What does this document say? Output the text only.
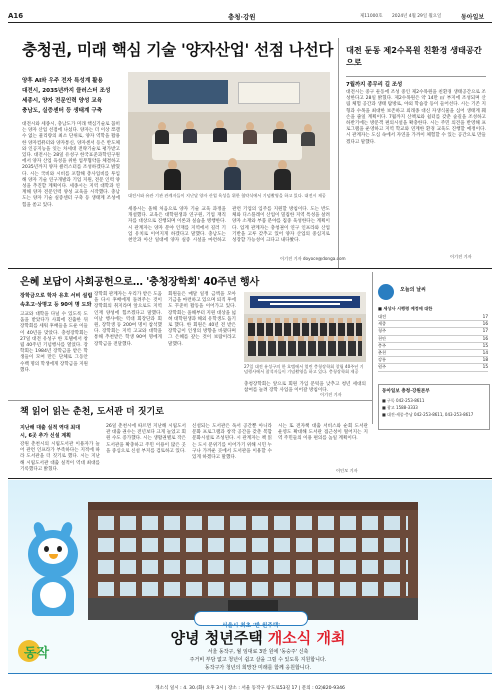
A16	충청·강원	제11000호 2024년 4월 29일 월요일	동아일보
충청권, 미래 핵심 기술 '양자산업' 선점 나선다
양후 AI와 우주 전자 특성계 활용
대전시, 2035년까지 클러스터 조성
세종시, 양자 전문인력 양성 교육
충남도, 실증센터 등 생태계 구축
대전시와 세종시, 충남도가 미래 핵심기술로 꼽히는 양자 산업 선점에 나섰다. 양자는 더 이상 쪼갤 수 없는 물리량의 최소 단위로, 양자 역학을 활용한 양자컴퓨터와 양자통신, 양자센서 등은 반도체와 인공지능을 잇는 차세대 전략기술로 평가받고 있다. 대전시는 28일 유성구 한국표준과학연구원에서 양자 산업 육성을 위한 업무협약을 체결하고 2035년까지 양자 클러스터를 조성하겠다고 밝혔다. 시는 국비와 시비를 포함해 총사업비를 투입해 양자 기술 연구개발과 기업 지원, 전문 인력 양성을 추진할 계획이다. 세종시는 지역 대학과 연계해 양자 전문인력 양성 교육을 시작했다. 충남도는 양자 기술 실증센터 구축 등 생태계 조성에 힘을 쏟고 있다.
대전시와 유관 기관 관계자들이 지난달 양자 산업 육성을 위한 협약식에서 기념촬영을 하고 있다. 대전시 제공
세종시는 올해 처음으로 양자 기술 교육 과정을 개설했다. 교육은 대학원생과 연구원, 기업 재직자를 대상으로 진행되며 이론과 실습을 병행한다. 시 관계자는 양자 분야 인재를 지역에서 길러 기업 유치로 이어지게 하겠다고 말했다. 충남도는 천안과 아산 일대에 양자 실증 시설을 마련하고 관련 기업의 입주를 지원할 방침이다. 도는 반도체와 디스플레이 산업이 밀집한 지역 특성을 살려 양자 소재와 부품 분야를 집중 육성한다는 계획이다. 업계 관계자는 충청권이 연구 인프라와 산업 기반을 고루 갖추고 있어 양자 산업의 중심지로 성장할 가능성이 크다고 내다봤다.
이기진 기자 doyoce@donga.com
대전 둔동 제2수목원 친환경 생태공간으로
7월까지 종무리 길 조성
대전시는 중구 둔동에 조성 중인 제2수목원을 친환경 생태공간으로 조성한다고 28일 밝혔다. 제2수목원은 약 14만 ㎡ 부지에 조성되며 산림 체험 공간과 생태 탐방로, 야외 학습장 등이 들어선다. 시는 기존 지형과 수목을 최대한 보존하고 외래종 대신 자생식물을 심어 생태계 훼손을 줄일 계획이다. 7월까지 산책로와 쉼터를 갖춘 숲길을 조성하고 하반기에는 방문객 편의시설을 확충한다. 시는 주민 의견을 반영해 프로그램을 운영하고 지역 학교와 연계한 환경 교육도 진행할 예정이다. 시 관계자는 도심 속에서 자연을 가까이 체험할 수 있는 공간으로 만들겠다고 말했다.
이기진 기자
은혜 보답이 사회공헌으로… '충청장학회' 40주년 행사
장학금으로 학자 유호 서비 설립
속초고·상명고 등 90여 명 도와
고교와 대학을 다닐 수 있도록 도움을 받았다가 사회에 진출한 뒤 장학회를 세워 후배들을 도운 이들이 40년을 맞았다. 충청장학회는 27일 대전 유성구 한 호텔에서 창립 40주년 기념행사를 열었다. 장학회는 1984년 장학금을 받은 학생들이 모여 만든 단체로 그동안 수백 명의 학생에게 장학금을 지원했다.
장학회 관계자는 우리가 받은 도움을 다시 후배에게 돌려주는 것이 장학회의 취지라며 앞으로도 지역 인재 양성에 힘쓰겠다고 말했다. 이날 행사에는 역대 회장단과 회원, 장학생 등 200여 명이 참석했다. 장학회는 지역 고교와 대학을 통해 추천받은 학생 90여 명에게 장학금을 전달했다.
회원들은 매달 일정 금액을 모아 기금을 마련하고 있으며 퇴직 후에도 꾸준히 활동을 이어가고 있다. 장학회는 올해부터 지원 대상을 넓혀 대학원생과 해외 유학생도 돕기로 했다. 한 회원은 40년 전 받은 장학금이 인생의 방향을 바꿨다며 그 은혜를 갚는 것이 보람이라고 말했다.
27일 대전 유성구의 한 호텔에서 열린 충청장학회 창립 40주년 기념행사에서 참석자들이 기념촬영을 하고 있다. 충청장학회 제공
충청장학회는 앞으로 회원 가입 문턱을 낮추고 청년 세대의 참여를 늘려 장학 사업을 이어갈 방침이다.
이기진 기자
오늘의 날씨
■ 세상사 시행령 예정에 대한
대전	17
세종	16
청주	17
천안	16
충주	15
춘천	14
강릉	18
원주	15
동아일보 충청·강원본부
■ 구독 042-253-8611
■ 광고 1588-3333
■ 대전·세종·충남 042-253-8611, 043-253-8617
책 읽어 읽는 춘천, 도서관 더 짓기로
지난해 대출 실적 역대 최대
시, 6곳 추가 신설 계획
강원 춘천시의 시립도서관 이용자가 늘어 관련 인프라가 부족하다는 지적에 따라 도서관을 더 짓기로 했다. 시는 지난해 시립도서관 대출 실적이 역대 최대를 기록했다고 밝혔다.
26일 춘천시에 따르면 지난해 시립도서관 대출 권수는 전년보다 크게 늘었고 회원 수도 증가했다. 시는 생활권별로 작은 도서관을 확충하고 주민 이용이 많은 곳을 중심으로 신설 부지를 검토하고 있다.
신설되는 도서관은 독서 공간뿐 아니라 문화 프로그램과 창작 공간을 갖춘 복합문화시설로 조성된다. 시 관계자는 책 읽는 도시 분위기를 이어가기 위해 시민 누구나 가까운 곳에서 도서관을 이용할 수 있게 하겠다고 말했다.
시는 또 전자책 대출 서비스와 순회 도서관 운영도 확대해 도서관 접근성이 떨어지는 지역 주민들의 이용 편의를 높일 계획이다.
이인모 기자
서울시 최초 '반 원주택'
양녕 청년주택 개소식 개최
동작	서울 동작구, 월 임대료 3만 원에 '동숭주' 신축
주거비 부담 없고 청년이 쉽고 살을 그릴 수 있도록 지원합니다.
동작구가 청년의 희망찬 미래를 함께 응원합니다.
개소식 일시 : 4. 30.(화) 오후 3시 | 장소 : 서울 동작구 상도로53길 17 | 문의 : 02)820-9346
